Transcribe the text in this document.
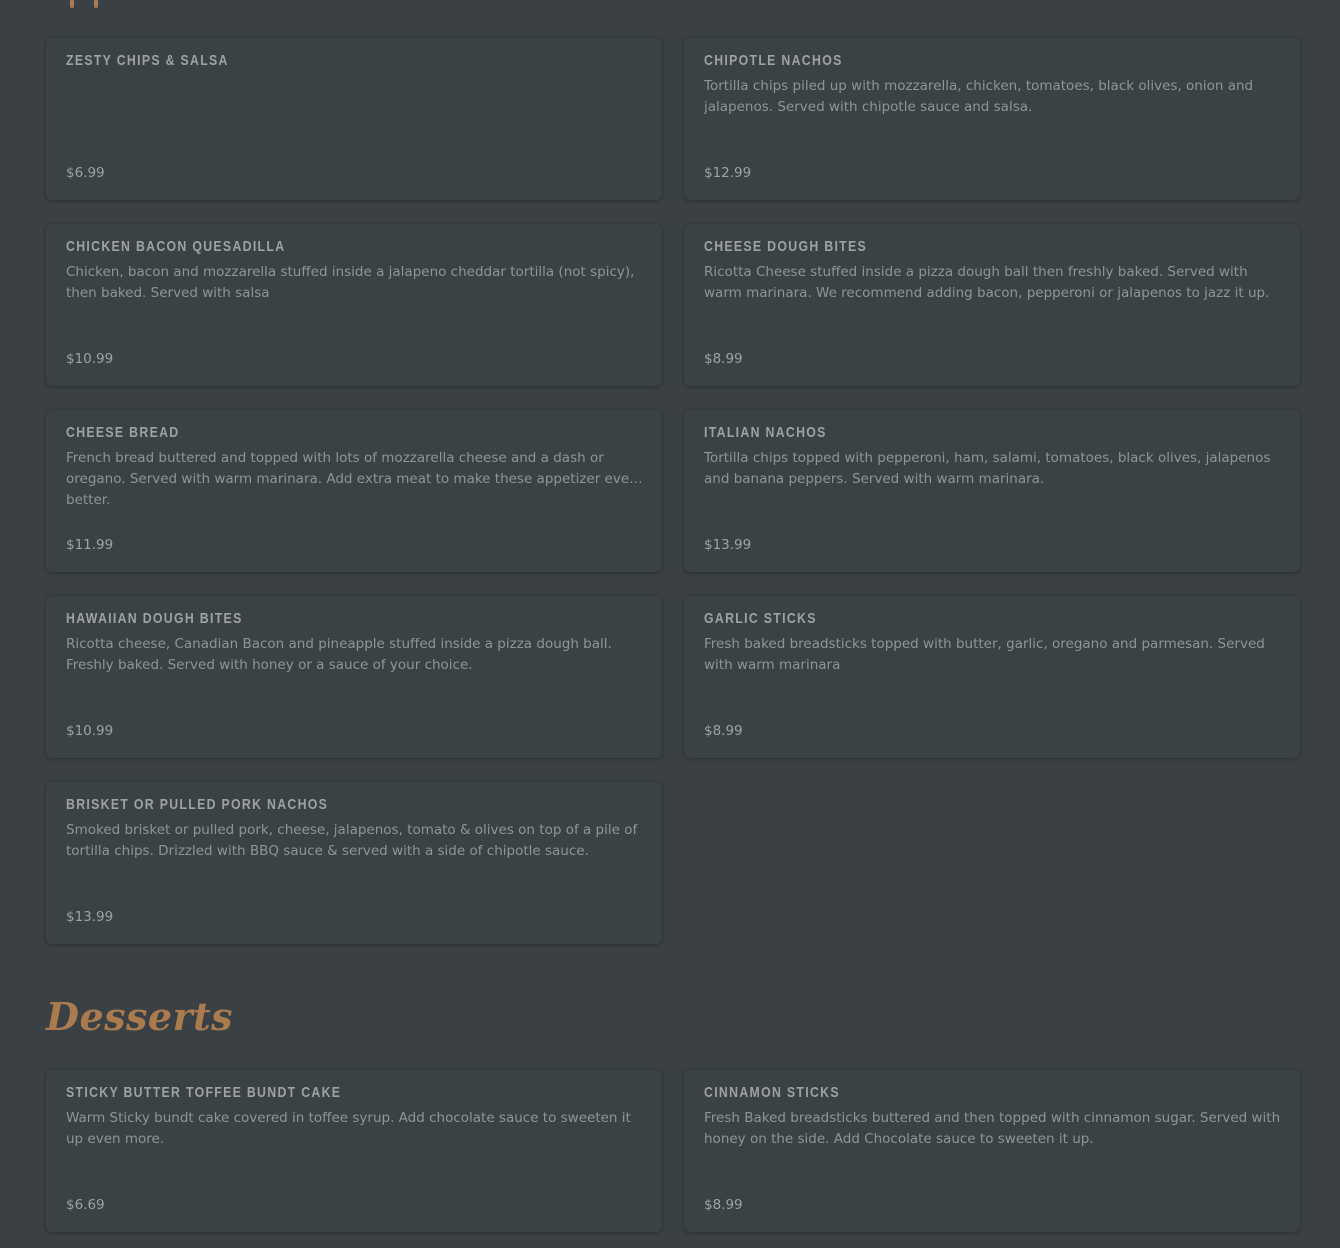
ZESTY CHIPS & SALSA
$6.99
CHIPOTLE NACHOS
Tortilla chips piled up with mozzarella, chicken, tomatoes, black olives, onion and jalapenos. Served with chipotle sauce and salsa.
$12.99
CHICKEN BACON QUESADILLA
Chicken, bacon and mozzarella stuffed inside a jalapeno cheddar tortilla (not spicy), then baked. Served with salsa
$10.99
CHEESE DOUGH BITES
Ricotta Cheese stuffed inside a pizza dough ball then freshly baked. Served with warm marinara. We recommend adding bacon, pepperoni or jalapenos to jazz it up.
$8.99
CHEESE BREAD
French bread buttered and topped with lots of mozzarella cheese and a dash or oregano. Served with warm marinara. Add extra meat to make these appetizer even better.
$11.99
ITALIAN NACHOS
Tortilla chips topped with pepperoni, ham, salami, tomatoes, black olives, jalapenos and banana peppers. Served with warm marinara.
$13.99
HAWAIIAN DOUGH BITES
Ricotta cheese, Canadian Bacon and pineapple stuffed inside a pizza dough ball. Freshly baked. Served with honey or a sauce of your choice.
$10.99
GARLIC STICKS
Fresh baked breadsticks topped with butter, garlic, oregano and parmesan. Served with warm marinara
$8.99
BRISKET OR PULLED PORK NACHOS
Smoked brisket or pulled pork, cheese, jalapenos, tomato & olives on top of a pile of tortilla chips. Drizzled with BBQ sauce & served with a side of chipotle sauce.
$13.99
Desserts
STICKY BUTTER TOFFEE BUNDT CAKE
Warm Sticky bundt cake covered in toffee syrup. Add chocolate sauce to sweeten it up even more.
$6.69
CINNAMON STICKS
Fresh Baked breadsticks buttered and then topped with cinnamon sugar. Served with honey on the side. Add Chocolate sauce to sweeten it up.
$8.99
